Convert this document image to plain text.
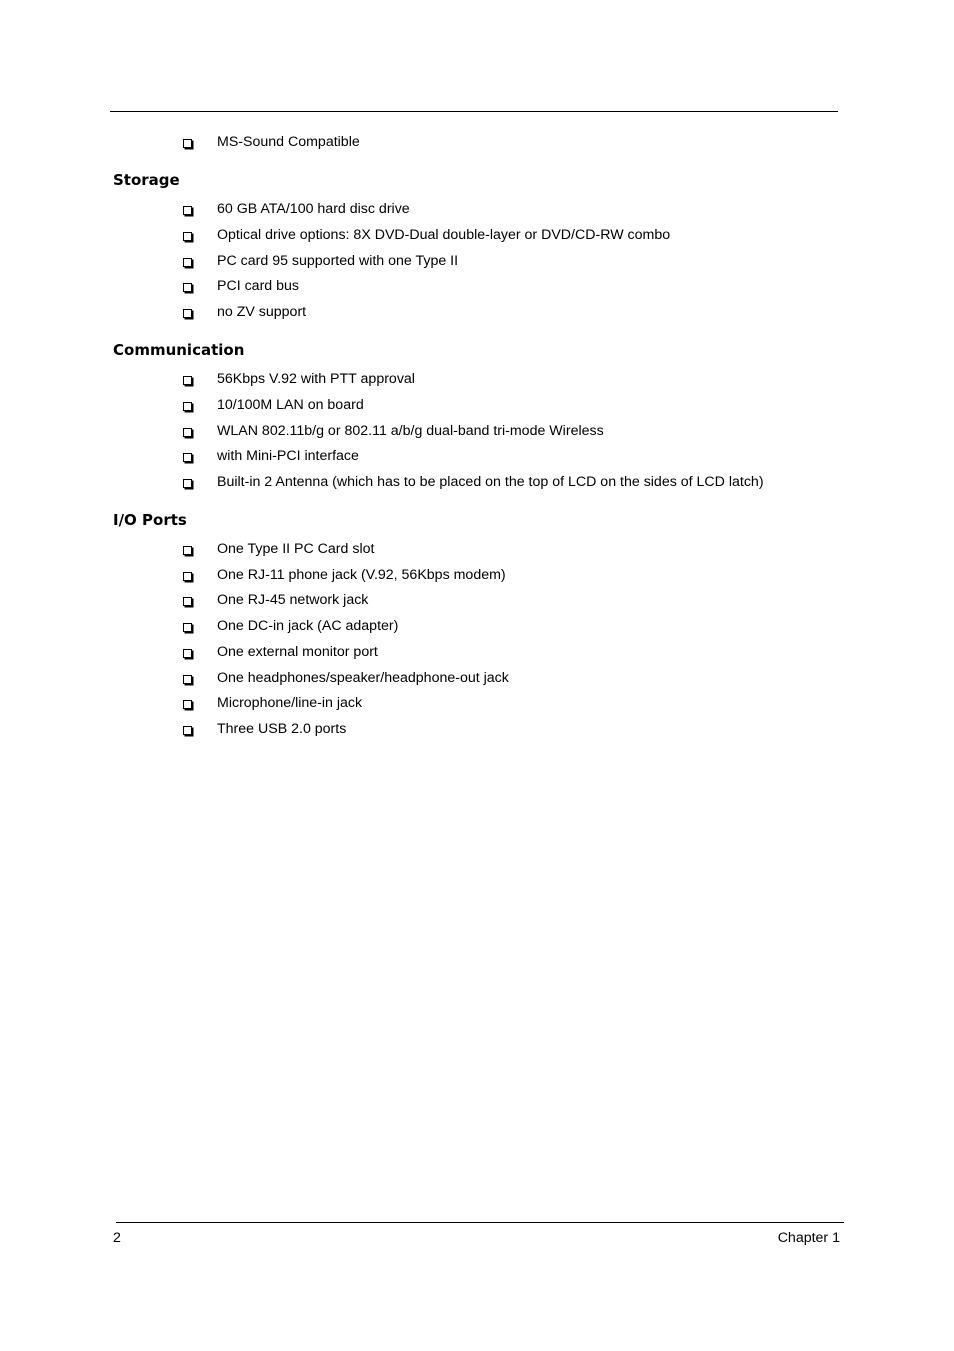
MS-Sound Compatible
Storage
60 GB ATA/100 hard disc drive
Optical drive options: 8X DVD-Dual double-layer or DVD/CD-RW combo
PC card 95 supported with one Type II
PCI card bus
no ZV support
Communication
56Kbps V.92 with PTT approval
10/100M LAN on board
WLAN 802.11b/g or 802.11 a/b/g dual-band tri-mode Wireless
with Mini-PCI interface
Built-in 2 Antenna (which has to be placed on the top of LCD on the sides of LCD latch)
I/O Ports
One Type II PC Card slot
One RJ-11 phone jack (V.92, 56Kbps modem)
One RJ-45 network jack
One DC-in jack (AC adapter)
One external monitor port
One headphones/speaker/headphone-out jack
Microphone/line-in jack
Three USB 2.0 ports
2	Chapter 1
